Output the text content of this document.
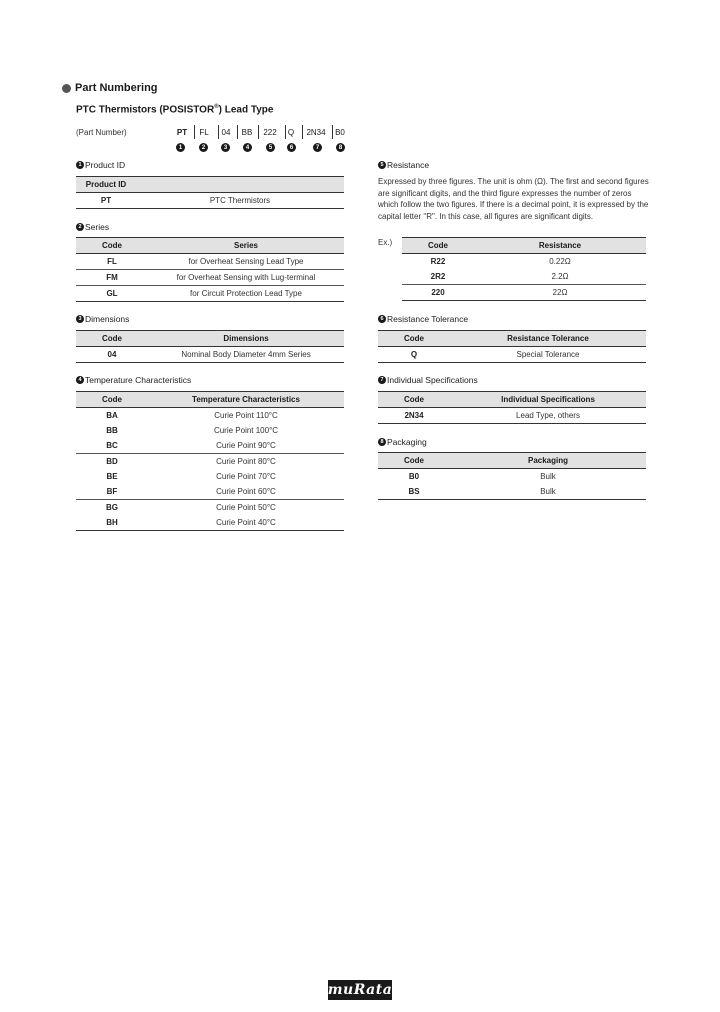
Part Numbering
PTC Thermistors (POSISTOR®) Lead Type
(Part Number)	PT	FL	04	BB	222	Q	2N34	B0
1	2	3	4	5	6	7	8
1 Product ID
Product ID	
PT	PTC Thermistors
2 Series
Code	Series
FL	for Overheat Sensing Lead Type
FM	for Overheat Sensing with Lug-terminal
GL	for Circuit Protection Lead Type
3 Dimensions
Code	Dimensions
04	Nominal Body Diameter 4mm Series
4 Temperature Characteristics
Code	Temperature Characteristics
BA	Curie Point 110°C
BB	Curie Point 100°C
BC	Curie Point 90°C
BD	Curie Point 80°C
BE	Curie Point 70°C
BF	Curie Point 60°C
BG	Curie Point 50°C
BH	Curie Point 40°C
5 Resistance
Expressed by three figures. The unit is ohm (Ω). The first and second figures are significant digits, and the third figure expresses the number of zeros which follow the two figures. If there is a decimal point, it is expressed by the capital letter "R". In this case, all figures are significant digits.
Ex.)	Code	Resistance
R22	0.22Ω
2R2	2.2Ω
220	22Ω
6 Resistance Tolerance
Code	Resistance Tolerance
Q	Special Tolerance
7 Individual Specifications
Code	Individual Specifications
2N34	Lead Type, others
8 Packaging
Code	Packaging
B0	Bulk
BS	Bulk
muRata
